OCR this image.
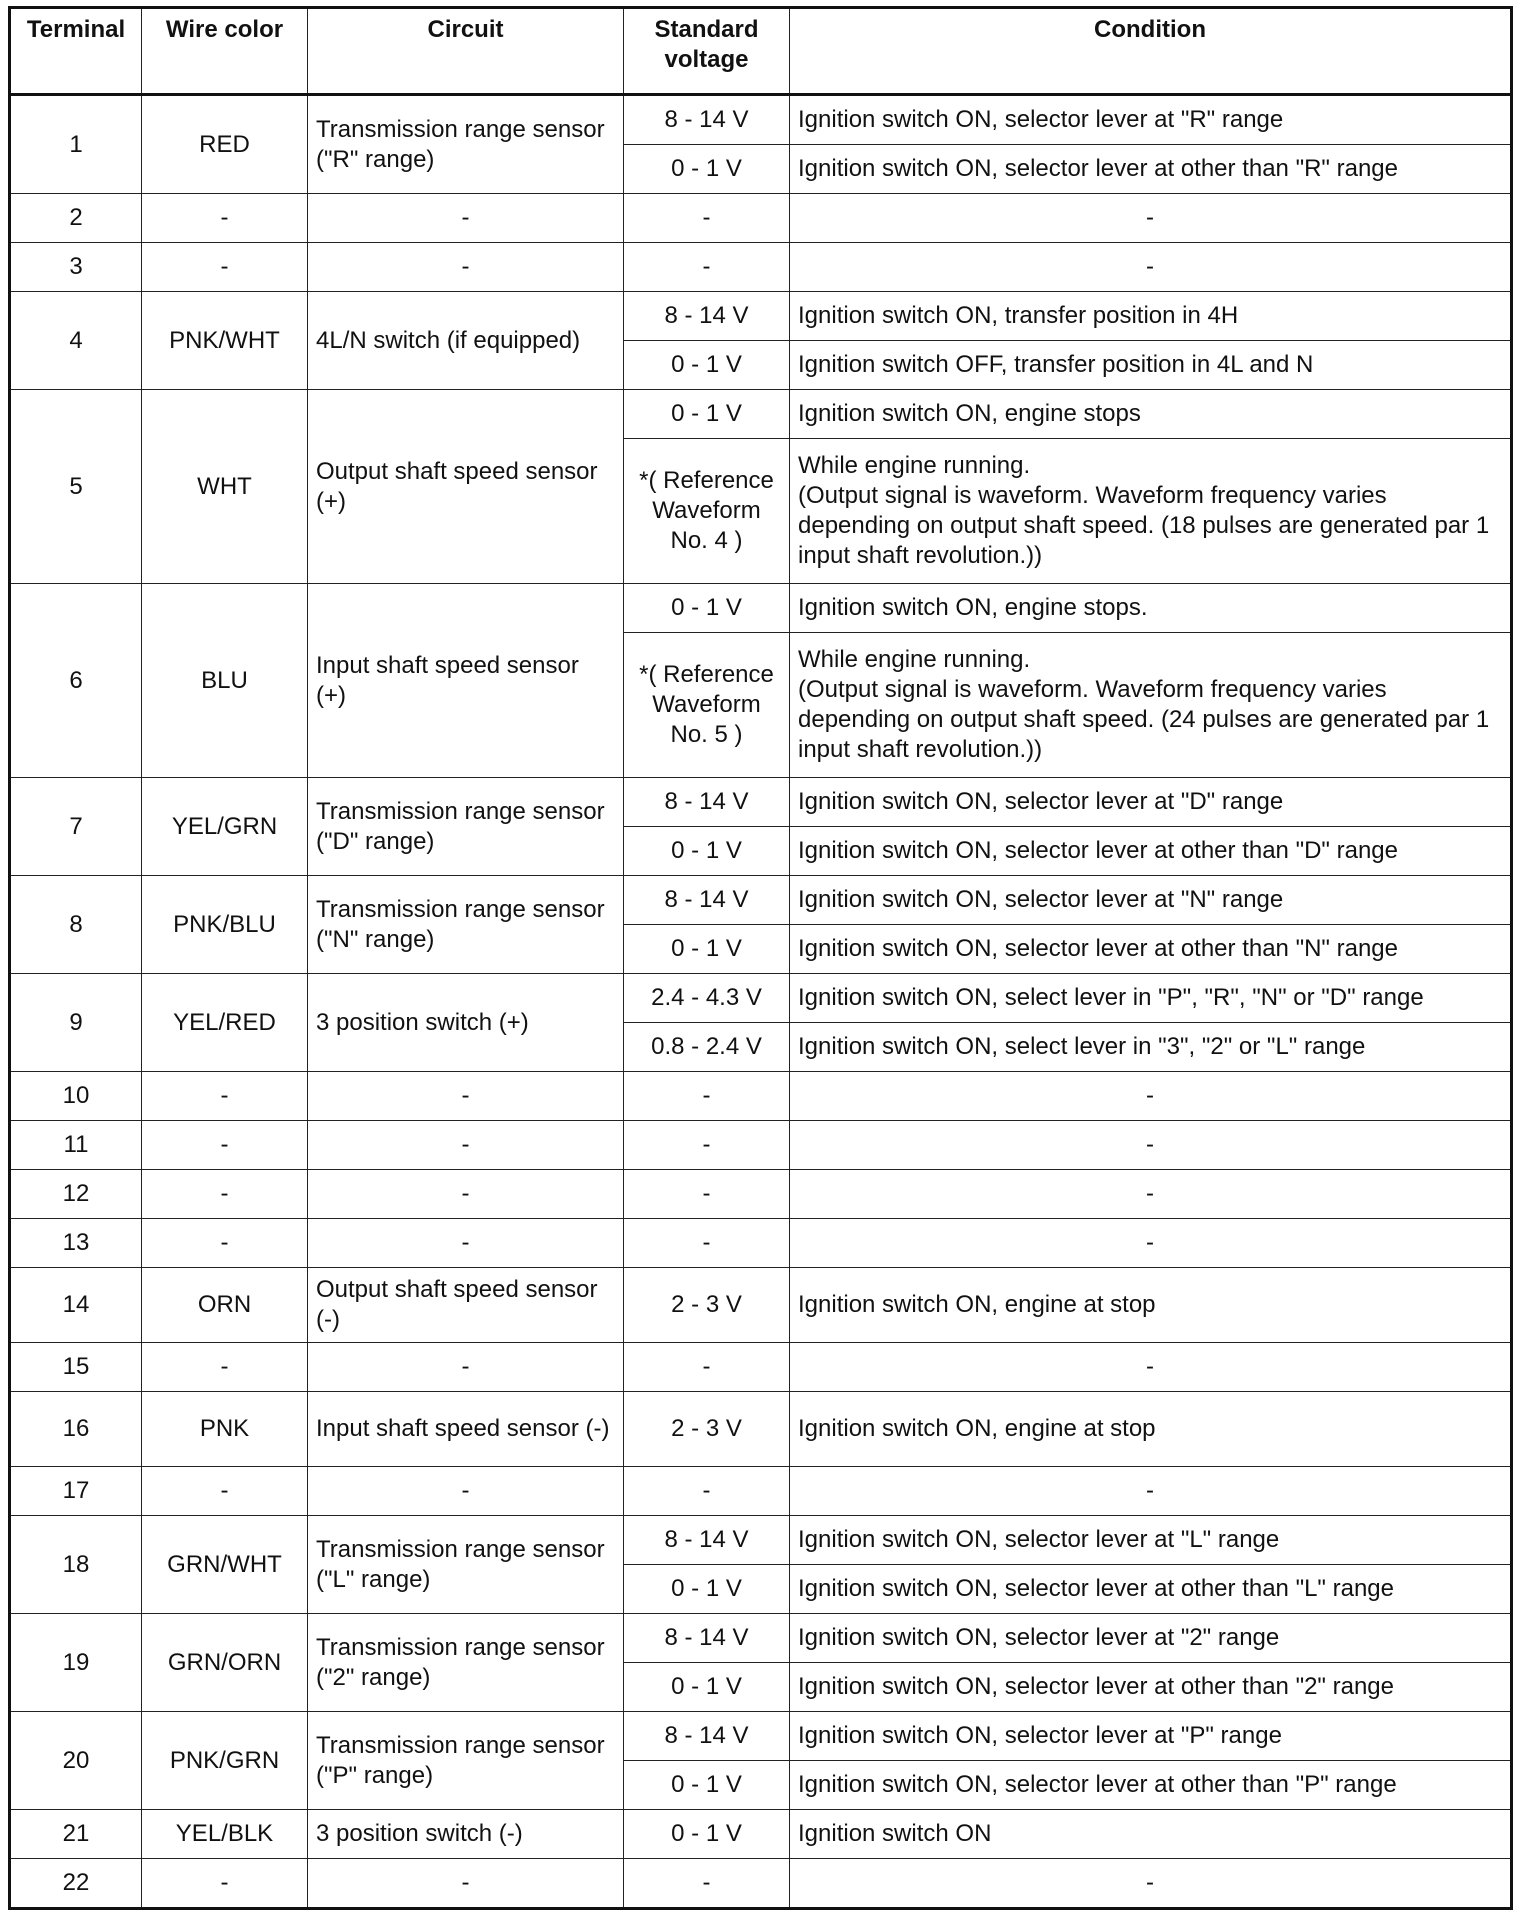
Terminal	Wire color	Circuit	Standard voltage	Condition
1	RED	Transmission range sensor ("R" range)	8 - 14 V	Ignition switch ON, selector lever at "R" range
			0 - 1 V	Ignition switch ON, selector lever at other than "R" range
2	-	-	-	-
3	-	-	-	-
4	PNK/WHT	4L/N switch (if equipped)	8 - 14 V	Ignition switch ON, transfer position in 4H
			0 - 1 V	Ignition switch OFF, transfer position in 4L and N
5	WHT	Output shaft speed sensor (+)	0 - 1 V	Ignition switch ON, engine stops
			*( Reference Waveform No. 4 )	While engine running.
(Output signal is waveform. Waveform frequency varies depending on output shaft speed. (18 pulses are generated par 1 input shaft revolution.))
6	BLU	Input shaft speed sensor (+)	0 - 1 V	Ignition switch ON, engine stops.
			*( Reference Waveform No. 5 )	While engine running.
(Output signal is waveform. Waveform frequency varies depending on output shaft speed. (24 pulses are generated par 1 input shaft revolution.))
7	YEL/GRN	Transmission range sensor ("D" range)	8 - 14 V	Ignition switch ON, selector lever at "D" range
			0 - 1 V	Ignition switch ON, selector lever at other than "D" range
8	PNK/BLU	Transmission range sensor ("N" range)	8 - 14 V	Ignition switch ON, selector lever at "N" range
			0 - 1 V	Ignition switch ON, selector lever at other than "N" range
9	YEL/RED	3 position switch (+)	2.4 - 4.3 V	Ignition switch ON, select lever in "P", "R", "N" or "D" range
			0.8 - 2.4 V	Ignition switch ON, select lever in "3", "2" or "L" range
10	-	-	-	-
11	-	-	-	-
12	-	-	-	-
13	-	-	-	-
14	ORN	Output shaft speed sensor (-)	2 - 3 V	Ignition switch ON, engine at stop
15	-	-	-	-
16	PNK	Input shaft speed sensor (-)	2 - 3 V	Ignition switch ON, engine at stop
17	-	-	-	-
18	GRN/WHT	Transmission range sensor ("L" range)	8 - 14 V	Ignition switch ON, selector lever at "L" range
			0 - 1 V	Ignition switch ON, selector lever at other than "L" range
19	GRN/ORN	Transmission range sensor ("2" range)	8 - 14 V	Ignition switch ON, selector lever at "2" range
			0 - 1 V	Ignition switch ON, selector lever at other than "2" range
20	PNK/GRN	Transmission range sensor ("P" range)	8 - 14 V	Ignition switch ON, selector lever at "P" range
			0 - 1 V	Ignition switch ON, selector lever at other than "P" range
21	YEL/BLK	3 position switch (-)	0 - 1 V	Ignition switch ON
22	-	-	-	-
